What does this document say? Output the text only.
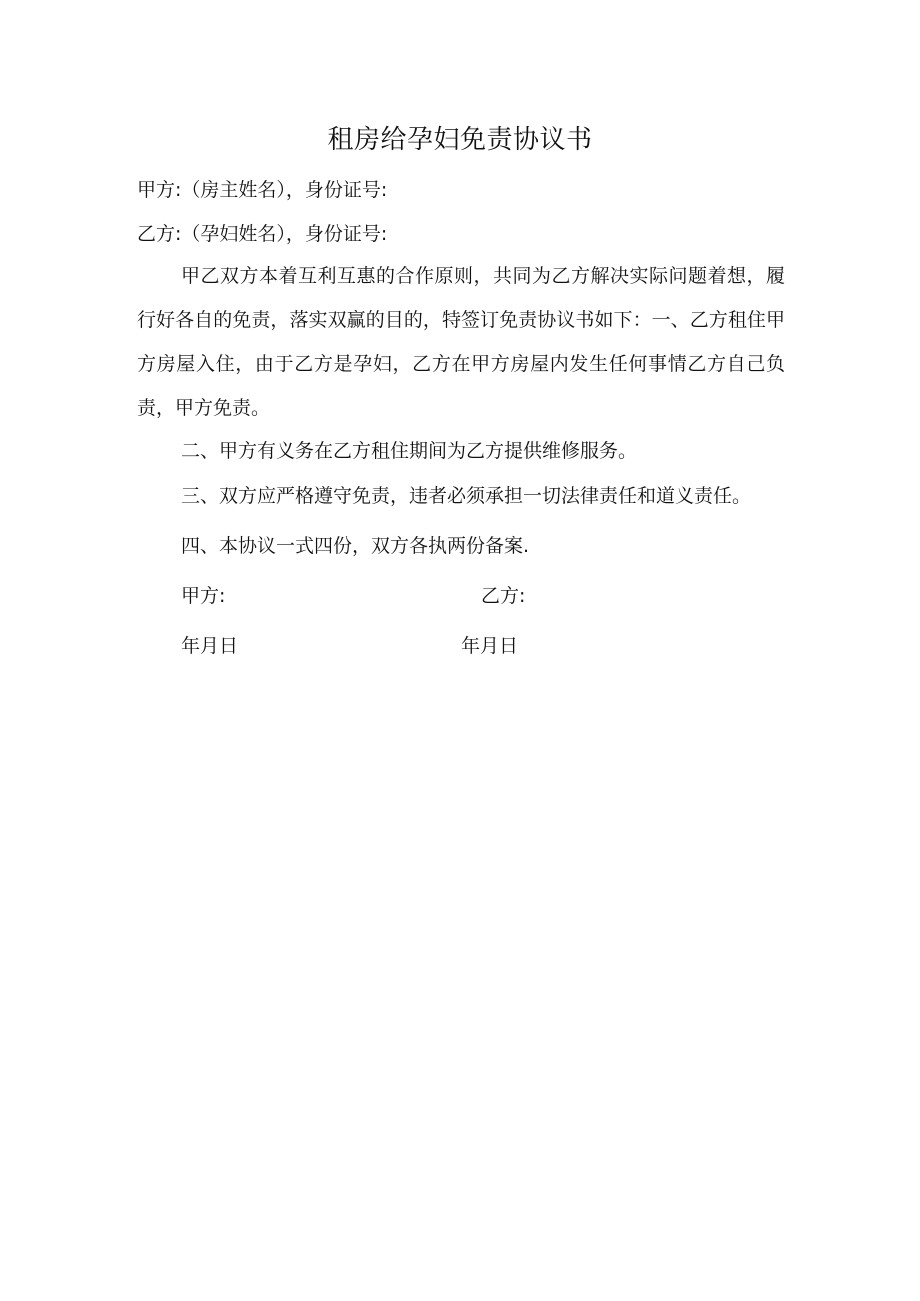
租房给孕妇免责协议书
甲方:（房主姓名），身份证号:
乙方:（孕妇姓名），身份证号:
甲乙双方本着互利互惠的合作原则，共同为乙方解决实际问题着想，履行好各自的免责，落实双赢的目的，特签订免责协议书如下：一、乙方租住甲方房屋入住，由于乙方是孕妇，乙方在甲方房屋内发生任何事情乙方自己负责，甲方免责。
二、甲方有义务在乙方租住期间为乙方提供维修服务。
三、双方应严格遵守免责，违者必须承担一切法律责任和道义责任。
四、本协议一式四份，双方各执两份备案.
甲方:	乙方:
年月日	年月日
